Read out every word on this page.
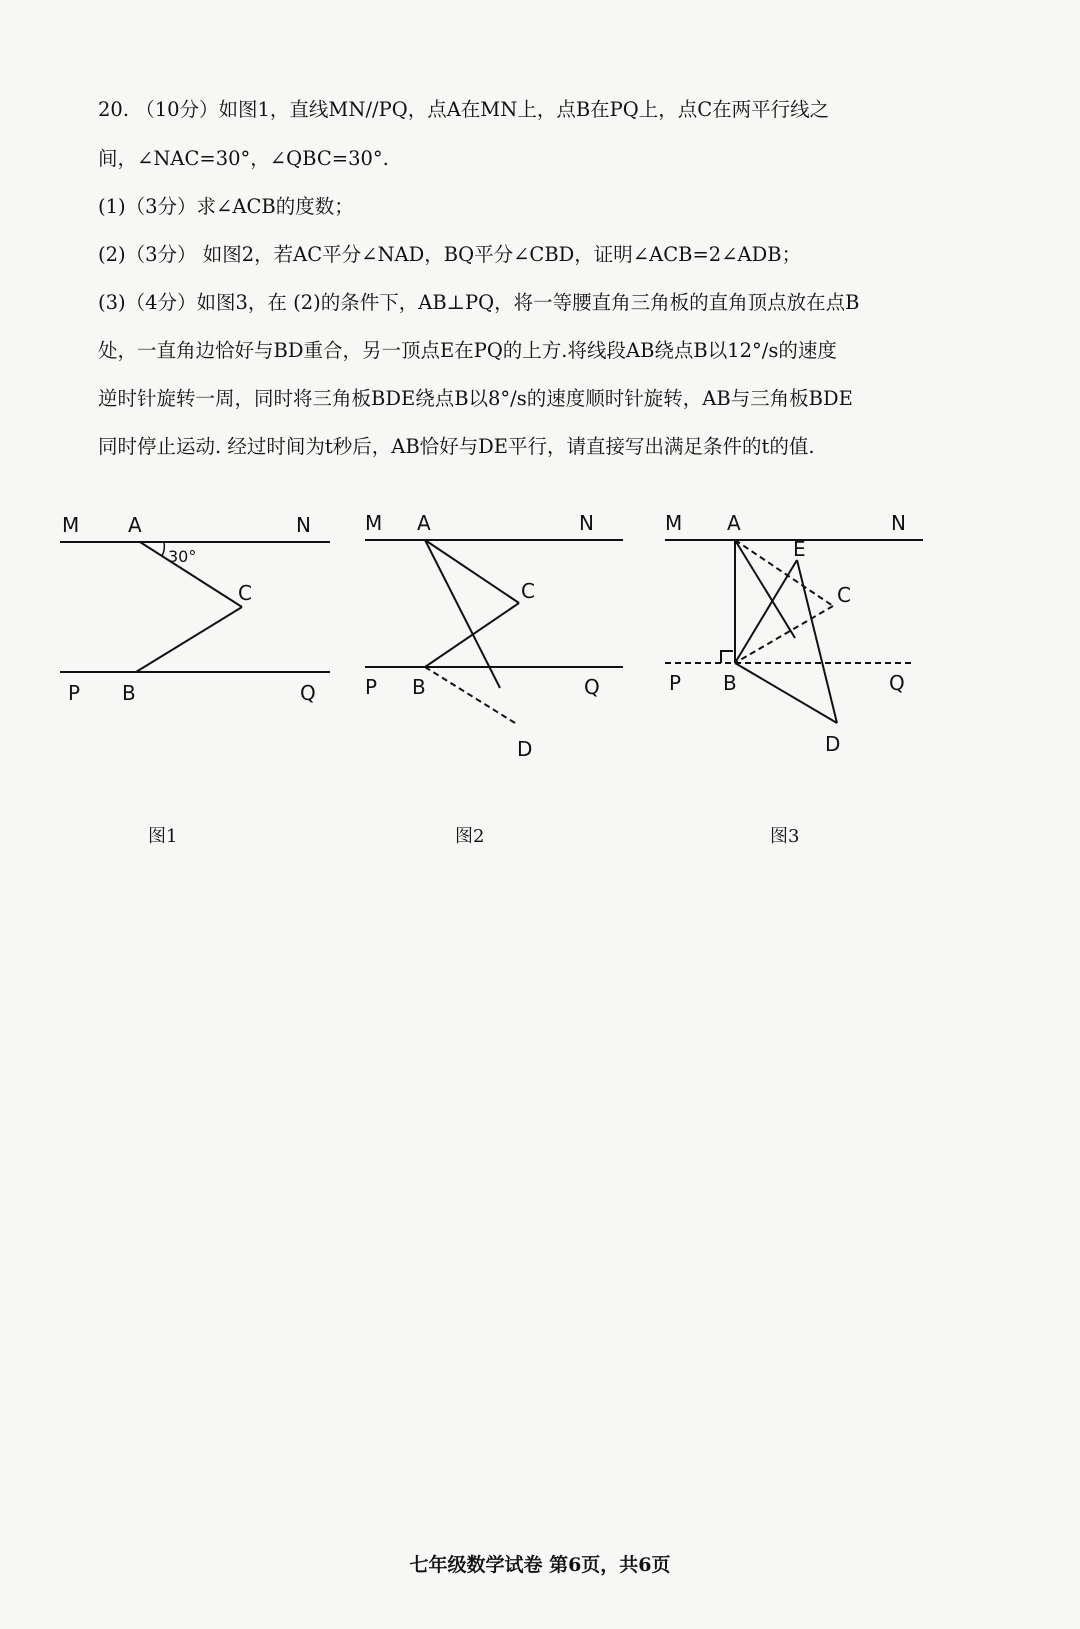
20. （10分）如图1，直线MN//PQ，点A在MN上，点B在PQ上，点C在两平行线之
间，∠NAC=30°，∠QBC=30°.
(1)（3分）求∠ACB的度数；
(2)（3分） 如图2，若AC平分∠NAD，BQ平分∠CBD，证明∠ACB=2∠ADB；
(3)（4分）如图3，在 (2)的条件下，AB⊥PQ，将一等腰直角三角板的直角顶点放在点B
处，一直角边恰好与BD重合，另一顶点E在PQ的上方.将线段AB绕点B以12°/s的速度
逆时针旋转一周，同时将三角板BDE绕点B以8°/s的速度顺时针旋转，AB与三角板BDE
同时停止运动. 经过时间为t秒后，AB恰好与DE平行，请直接写出满足条件的t的值.
M A	N
30°
C
P B	Q
M A	N
C
P B	Q
D
M A	N
E
C
P B	Q
D
图1	图2	图3
七年级数学试卷 第6页，共6页
